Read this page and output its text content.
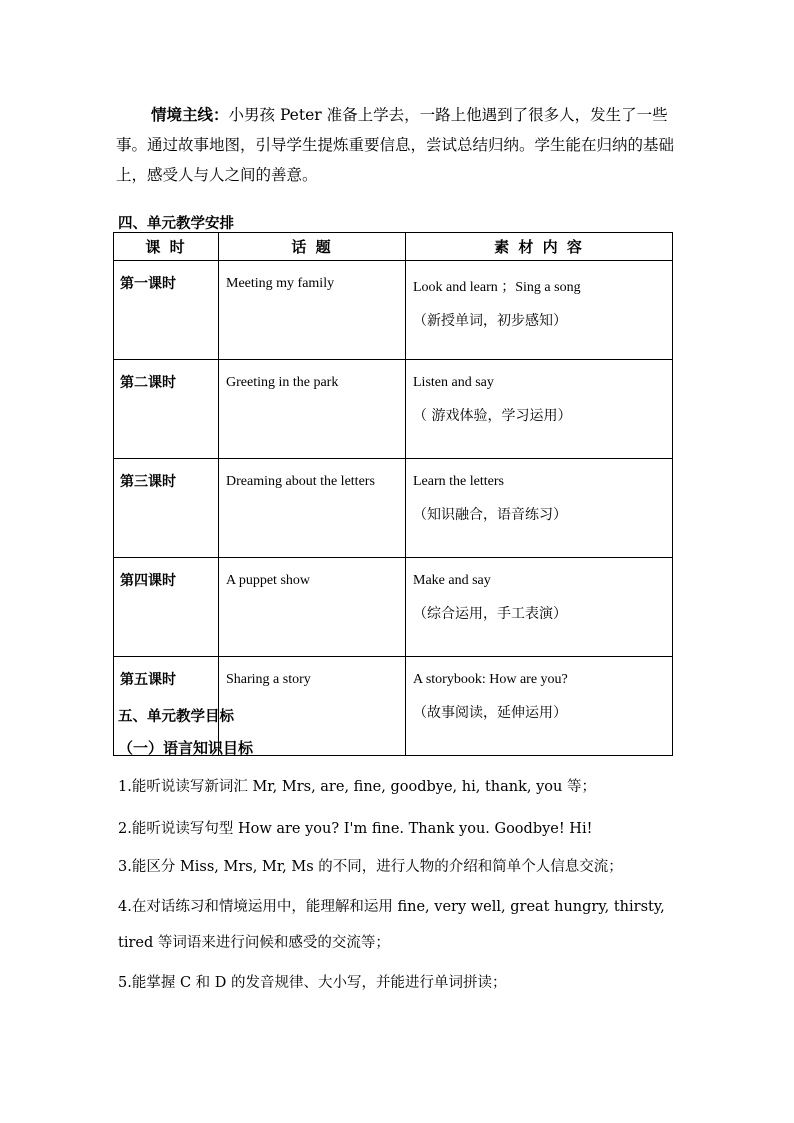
情境主线：小男孩 Peter 准备上学去，一路上他遇到了很多人，发生了一些事。通过故事地图，引导学生提炼重要信息，尝试总结归纳。学生能在归纳的基础上，感受人与人之间的善意。
四、单元教学安排
课 时	话 题	素 材 内 容
第一课时	Meeting my family	Look and learn ；Sing a song
（新授单词，初步感知）

第二课时	Greeting in the park	Listen and say
（ 游戏体验，学习运用）

第三课时	Dreaming about the letters	Learn the letters
（知识融合，语音练习）

第四课时	A puppet show	Make and say
（综合运用，手工表演）

第五课时	Sharing a story	A storybook: How are you?
（故事阅读，延伸运用）
五、单元教学目标
（一）语言知识目标
1.能听说读写新词汇 Mr, Mrs, are, fine, goodbye, hi, thank, you 等；
2.能听说读写句型 How are you? I'm fine. Thank you. Goodbye! Hi!
3.能区分 Miss, Mrs, Mr, Ms 的不同，进行人物的介绍和简单个人信息交流；
4.在对话练习和情境运用中，能理解和运用 fine, very well, great hungry, thirsty,
tired 等词语来进行问候和感受的交流等；
5.能掌握 C 和 D 的发音规律、大小写，并能进行单词拼读；
